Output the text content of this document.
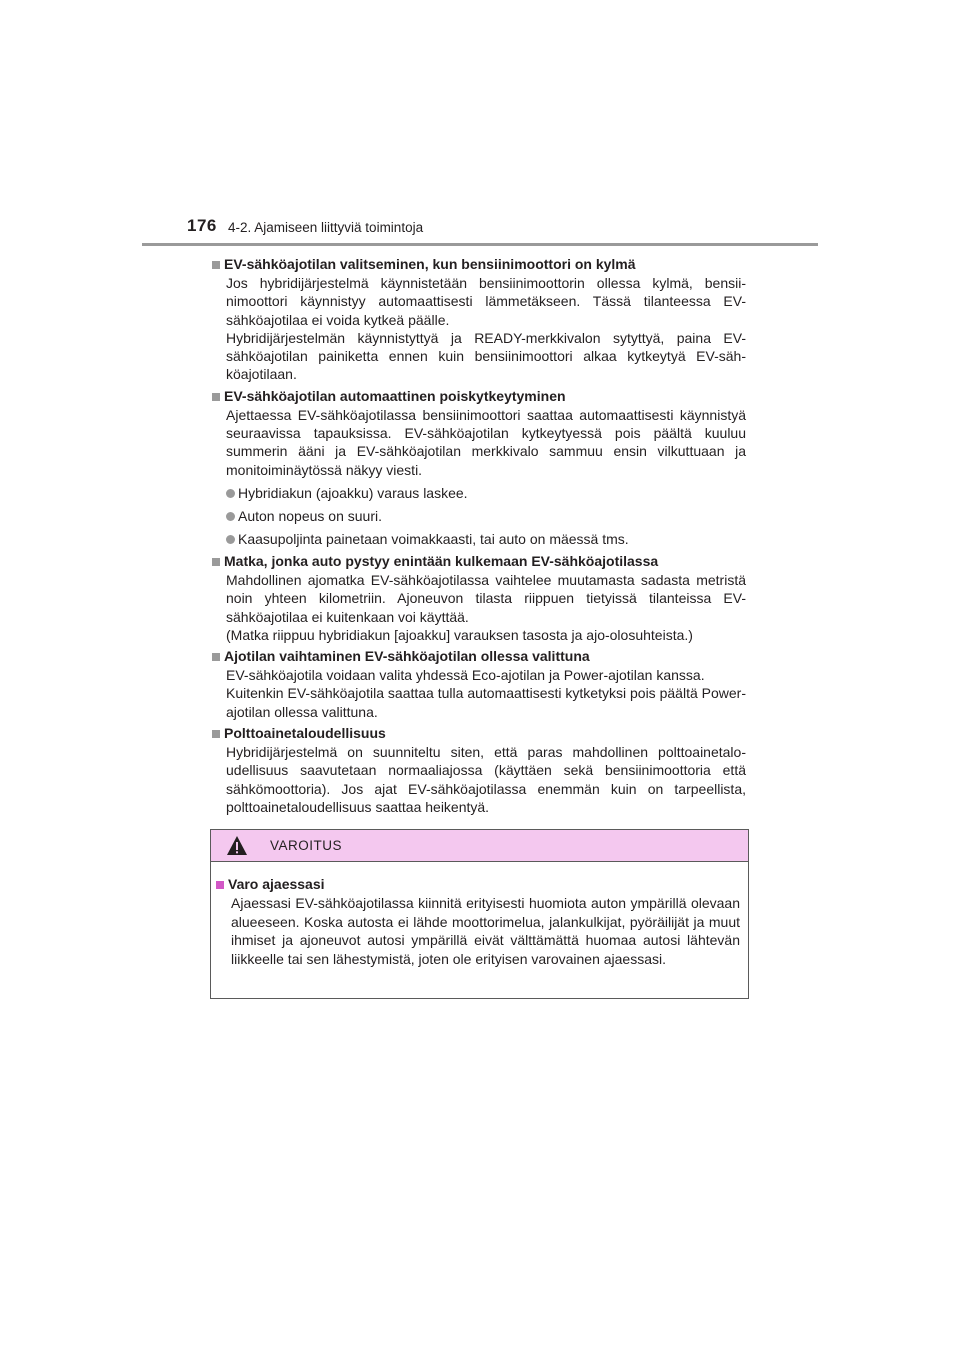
176 4-2. Ajamiseen liittyviä toimintoja
EV-sähköajotilan valitseminen, kun bensiinimoottori on kylmä

Jos hybridijärjestelmä käynnistetään bensiinimoottorin ollessa kylmä, bensiinimoottori käynnistyy automaattisesti lämmetäkseen. Tässä tilanteessa EV-sähköajotilaa ei voida kytkeä päälle.

Hybridijärjestelmän käynnistyttyä ja READY-merkkivalon sytyttyä, paina EV-sähköajotilan painiketta ennen kuin bensiinimoottori alkaa kytkeytyä EV-sähköajotilaan.

EV-sähköajotilan automaattinen poiskytkeytyminen

Ajettaessa EV-sähköajotilassa bensiinimoottori saattaa automaattisesti käynnistyä seuraavissa tapauksissa. EV-sähköajotilan kytkeytyessä pois päältä kuuluu summerin ääni ja EV-sähköajotilan merkkivalo sammuu ensin vilkuttuaan ja monitoiminäytössä näkyy viesti.

Hybridiakun (ajoakku) varaus laskee.
Auton nopeus on suuri.
Kaasupoljinta painetaan voimakkaasti, tai auto on mäessä tms.
Matka, jonka auto pystyy enintään kulkemaan EV-sähköajotilassa

Mahdollinen ajomatka EV-sähköajotilassa vaihtelee muutamasta sadasta metristä noin yhteen kilometriin. Ajoneuvon tilasta riippuen tietyissä tilanteissa EV-sähköajotilaa ei kuitenkaan voi käyttää.

(Matka riippuu hybridiakun [ajoakku] varauksen tasosta ja ajo-olosuhteista.)

Ajotilan vaihtaminen EV-sähköajotilan ollessa valittuna

EV-sähköajotila voidaan valita yhdessä Eco-ajotilan ja Power-ajotilan kanssa.

Kuitenkin EV-sähköajotila saattaa tulla automaattisesti kytketyksi pois päältä Power-ajotilan ollessa valittuna.

Polttoainetaloudellisuus

Hybridijärjestelmä on suunniteltu siten, että paras mahdollinen polttoainetaloudellisuus saavutetaan normaaliajossa (käyttäen sekä bensiinimoottoria että sähkömoottoria). Jos ajat EV-sähköajotilassa enemmän kuin on tarpeellista, polttoainetaloudellisuus saattaa heikentyä.

VAROITUS
Varo ajaessasi
Ajaessasi EV-sähköajotilassa kiinnitä erityisesti huomiota auton ympärillä olevaan alueeseen. Koska autosta ei lähde moottorimelua, jalankulkijat, pyöräilijät ja muut ihmiset ja ajoneuvot autosi ympärillä eivät välttämättä huomaa autosi lähtevän liikkeelle tai sen lähestymistä, joten ole erityisen varovainen ajaessasi.
